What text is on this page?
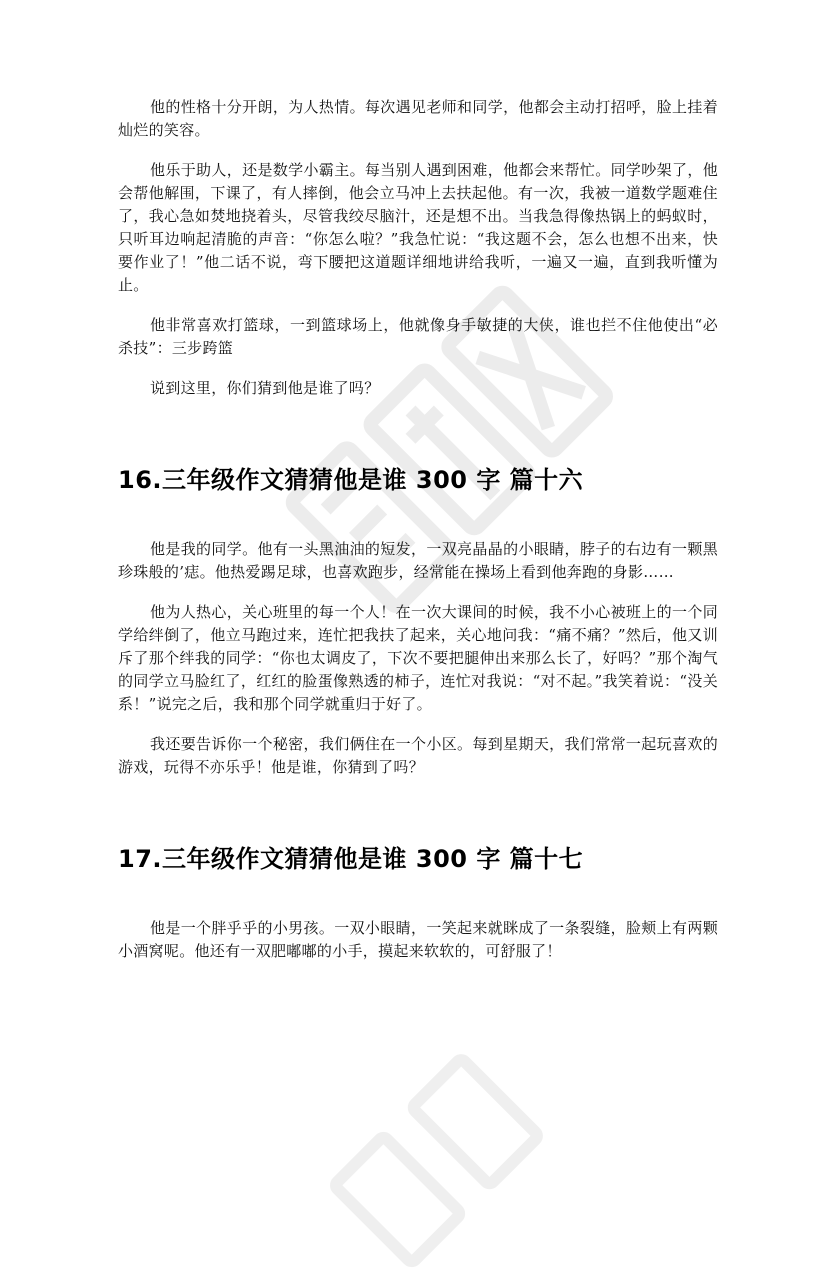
他的性格十分开朗，为人热情。每次遇见老师和同学，他都会主动打招呼，脸上挂着灿烂的笑容。

他乐于助人，还是数学小霸主。每当别人遇到困难，他都会来帮忙。同学吵架了，他会帮他解围，下课了，有人摔倒，他会立马冲上去扶起他。有一次，我被一道数学题难住了，我心急如焚地挠着头，尽管我绞尽脑汁，还是想不出。当我急得像热锅上的蚂蚁时，只听耳边响起清脆的声音：“你怎么啦？”我急忙说：“我这题不会，怎么也想不出来，快要作业了！”他二话不说，弯下腰把这道题详细地讲给我听，一遍又一遍，直到我听懂为止。

他非常喜欢打篮球，一到篮球场上，他就像身手敏捷的大侠，谁也拦不住他使出“必杀技”：三步跨篮

说到这里，你们猜到他是谁了吗？

16.三年级作文猜猜他是谁 300 字 篇十六

他是我的同学。他有一头黑油油的短发，一双亮晶晶的小眼睛，脖子的右边有一颗黑珍珠般的’痣。他热爱踢足球，也喜欢跑步，经常能在操场上看到他奔跑的身影……

他为人热心，关心班里的每一个人！在一次大课间的时候，我不小心被班上的一个同学给绊倒了，他立马跑过来，连忙把我扶了起来，关心地问我：“痛不痛？”然后，他又训斥了那个绊我的同学：“你也太调皮了，下次不要把腿伸出来那么长了，好吗？”那个淘气的同学立马脸红了，红红的脸蛋像熟透的柿子，连忙对我说：“对不起。”我笑着说：“没关系！”说完之后，我和那个同学就重归于好了。

我还要告诉你一个秘密，我们俩住在一个小区。每到星期天，我们常常一起玩喜欢的游戏，玩得不亦乐乎！他是谁，你猜到了吗？

17.三年级作文猜猜他是谁 300 字 篇十七

他是一个胖乎乎的小男孩。一双小眼睛，一笑起来就眯成了一条裂缝，脸颊上有两颗小酒窝呢。他还有一双肥嘟嘟的小手，摸起来软软的，可舒服了！
